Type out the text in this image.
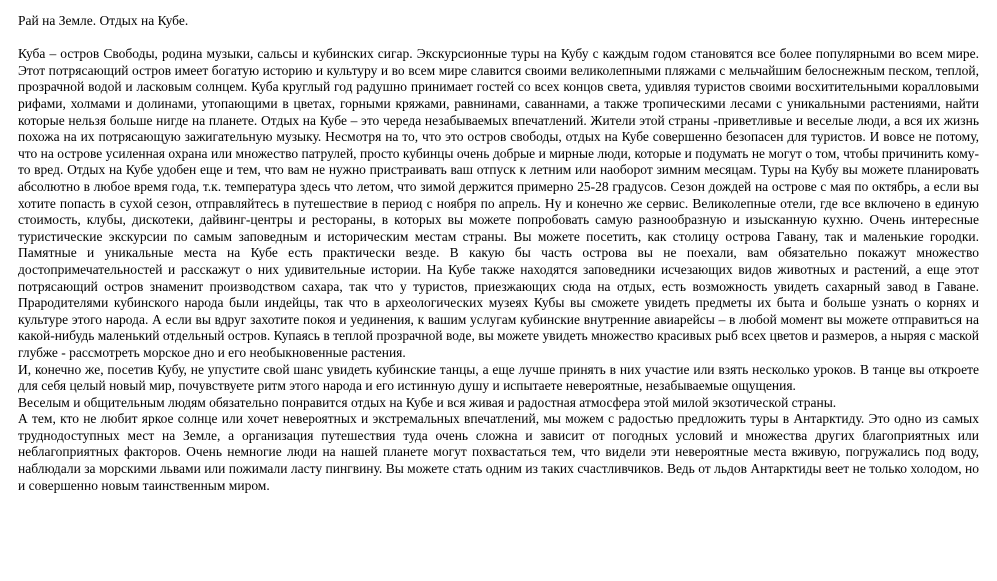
Рай на Земле. Отдых на Кубе.

Куба – остров Свободы, родина музыки, сальсы и кубинских сигар. Экскурсионные туры на Кубу с каждым годом становятся все более популярными во всем мире. Этот потрясающий остров имеет богатую историю и культуру и во всем мире славится своими великолепными пляжами с мельчайшим белоснежным песком, теплой, прозрачной водой и ласковым солнцем. Куба круглый год радушно принимает гостей со всех концов света, удивляя туристов своими восхитительными коралловыми рифами, холмами и долинами, утопающими в цветах, горными кряжами, равнинами, саваннами, а также тропическими лесами с уникальными растениями, найти которые нельзя больше нигде на планете. Отдых на Кубе – это череда незабываемых впечатлений. Жители этой страны -приветливые и веселые люди, а вся их жизнь похожа на их потрясающую зажигательную музыку. Несмотря на то, что это остров свободы, отдых на Кубе совершенно безопасен для туристов. И вовсе не потому, что на острове усиленная охрана или множество патрулей, просто кубинцы очень добрые и мирные люди, которые и подумать не могут о том, чтобы причинить кому-то вред. Отдых на Кубе удобен еще и тем, что вам не нужно пристраивать ваш отпуск к летним или наоборот зимним месяцам. Туры на Кубу вы можете планировать абсолютно в любое время года, т.к. температура здесь что летом, что зимой держится примерно 25-28 градусов. Сезон дождей на острове с мая по октябрь, а если вы хотите попасть в сухой сезон, отправляйтесь в путешествие в период с ноября по апрель. Ну и конечно же сервис. Великолепные отели, где все включено в единую стоимость, клубы, дискотеки, дайвинг-центры и рестораны, в которых вы можете попробовать самую разнообразную и изысканную кухню. Очень интересные туристические экскурсии по самым заповедным и историческим местам страны. Вы можете посетить, как столицу острова Гавану, так и маленькие городки. Памятные и уникальные места на Кубе есть практически везде. В какую бы часть острова вы не поехали, вам обязательно покажут множество достопримечательностей и расскажут о них удивительные истории. На Кубе также находятся заповедники исчезающих видов животных и растений, а еще этот потрясающий остров знаменит производством сахара, так что у туристов, приезжающих сюда на отдых, есть возможность увидеть сахарный завод в Гаване. Прародителями кубинского народа были индейцы, так что в археологических музеях Кубы вы сможете увидеть предметы их быта и больше узнать о корнях и культуре этого народа. А если вы вдруг захотите покоя и уединения, к вашим услугам кубинские внутренние авиарейсы – в любой момент вы можете отправиться на какой-нибудь маленький отдельный остров. Купаясь в теплой прозрачной воде, вы можете увидеть множество красивых рыб всех цветов и размеров, а ныряя с маской глубже - рассмотреть морское дно и его необыкновенные растения.

И, конечно же, посетив Кубу, не упустите свой шанс увидеть кубинские танцы, а еще лучше принять в них участие или взять несколько уроков. В танце вы откроете для себя целый новый мир, почувствуете ритм этого народа и его истинную душу и испытаете невероятные, незабываемые ощущения.

Веселым и общительным людям обязательно понравится отдых на Кубе и вся живая и радостная атмосфера этой милой экзотической страны.

А тем, кто не любит яркое солнце или хочет невероятных и экстремальных впечатлений, мы можем с радостью предложить туры в Антарктиду. Это одно из самых труднодоступных мест на Земле, а организация путешествия туда очень сложна и зависит от погодных условий и множества других благоприятных или неблагоприятных факторов. Очень немногие люди на нашей планете могут похвастаться тем, что видели эти невероятные места вживую, погружались под воду, наблюдали за морскими львами или пожимали ласту пингвину. Вы можете стать одним из таких счастливчиков. Ведь от льдов Антарктиды веет не только холодом, но и совершенно новым таинственным миром.
